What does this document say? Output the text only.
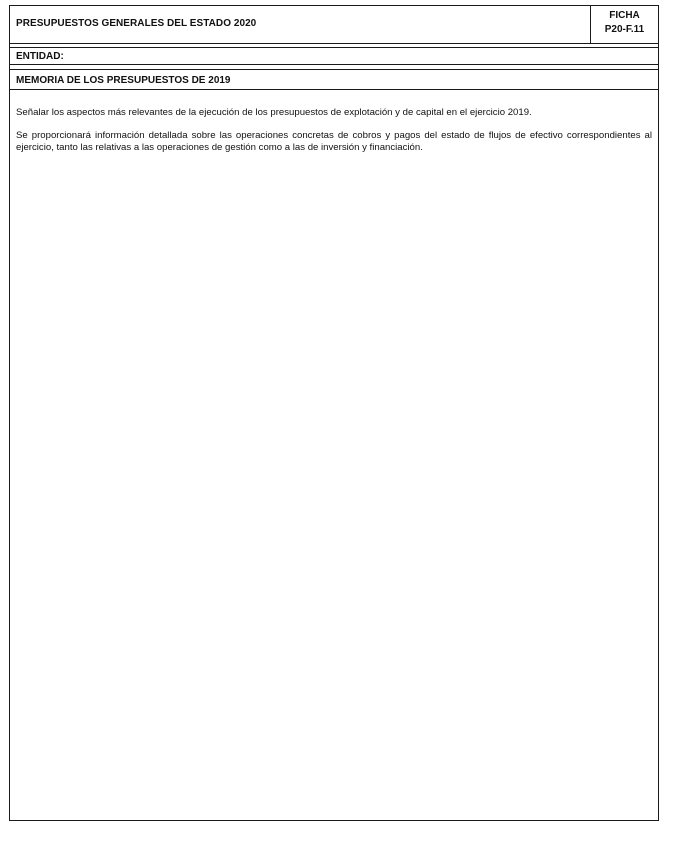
PRESUPUESTOS GENERALES DEL ESTADO 2020
FICHA
P20-F.11
ENTIDAD:
MEMORIA DE LOS PRESUPUESTOS DE 2019

Señalar los aspectos más relevantes de la ejecución de los presupuestos de explotación y de capital en el ejercicio 2019.

Se proporcionará información detallada sobre las operaciones concretas de cobros y pagos del estado de flujos de efectivo correspondientes al ejercicio, tanto las relativas a las operaciones de gestión como a las de inversión y financiación.
